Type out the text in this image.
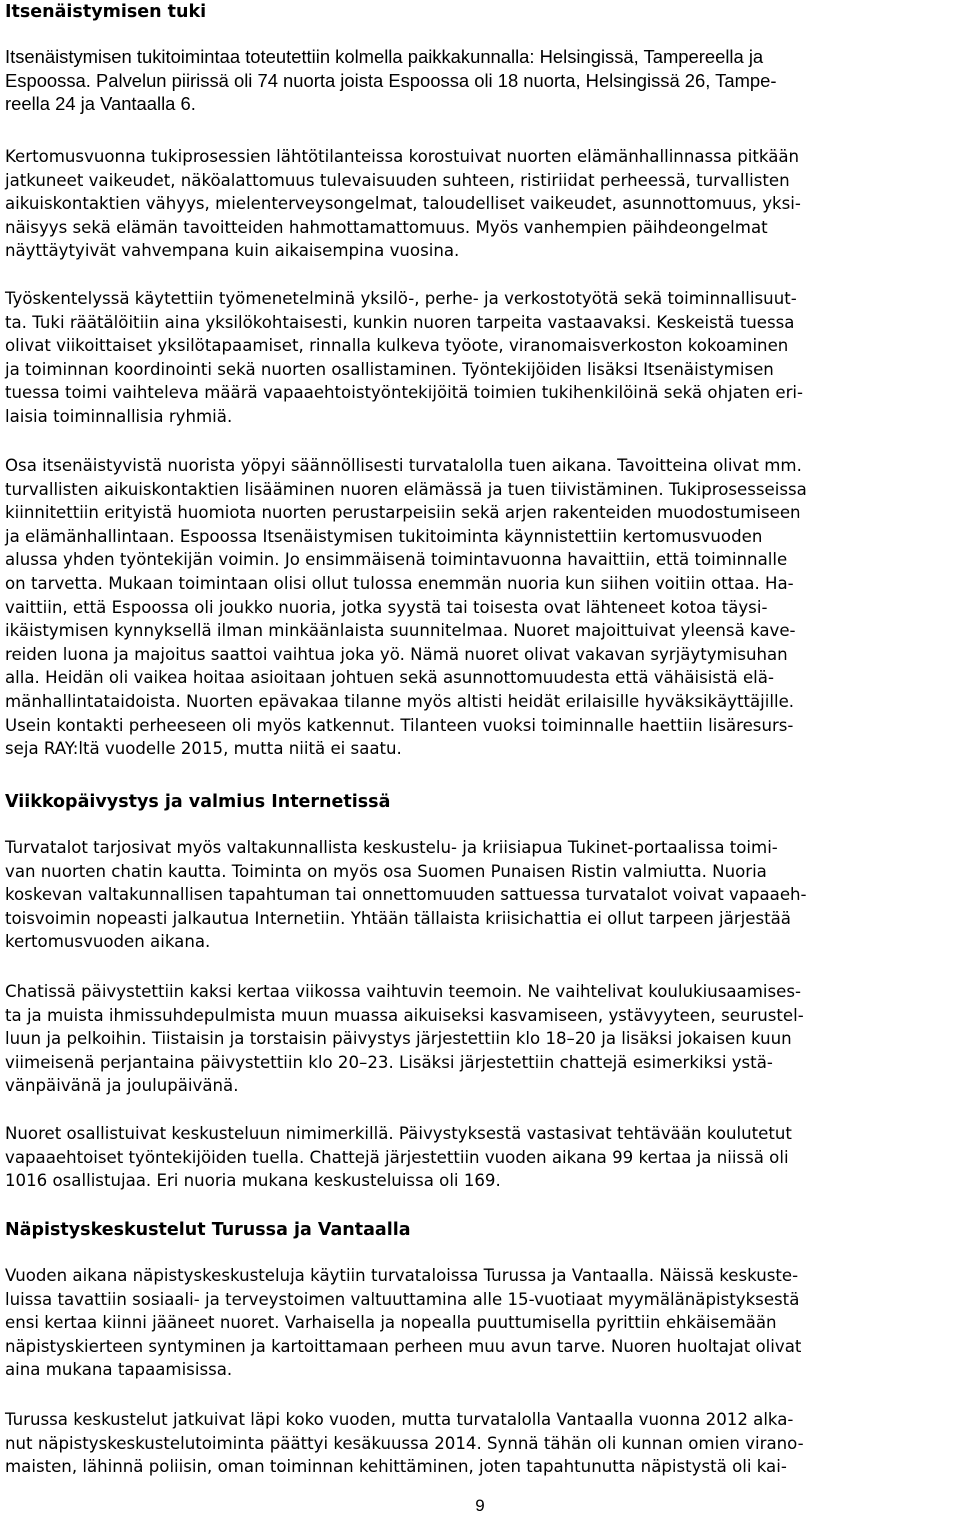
Itsenäistymisen tuki
Itsenäistymisen tukitoimintaa toteutettiin kolmella paikkakunnalla: Helsingissä, Tampereella ja
Espoossa. Palvelun piirissä oli 74 nuorta joista Espoossa oli 18 nuorta, Helsingissä 26, Tampe-
reella 24 ja Vantaalla 6.
Kertomusvuonna tukiprosessien lähtötilanteissa korostuivat nuorten elämänhallinnassa pitkään
jatkuneet vaikeudet, näköalattomuus tulevaisuuden suhteen, ristiriidat perheessä, turvallisten
aikuiskontaktien vähyys, mielenterveysongelmat, taloudelliset vaikeudet, asunnottomuus, yksi-
näisyys sekä elämän tavoitteiden hahmottamattomuus. Myös vanhempien päihdeongelmat
näyttäytyivät vahvempana kuin aikaisempina vuosina.
Työskentelyssä käytettiin työmenetelminä yksilö-, perhe- ja verkostotyötä sekä toiminnallisuut-
ta. Tuki räätälöitiin aina yksilökohtaisesti, kunkin nuoren tarpeita vastaavaksi. Keskeistä tuessa
olivat viikoittaiset yksilötapaamiset, rinnalla kulkeva työote, viranomaisverkoston kokoaminen
ja toiminnan koordinointi sekä nuorten osallistaminen. Työntekijöiden lisäksi Itsenäistymisen
tuessa toimi vaihteleva määrä vapaaehtoistyöntekijöitä toimien tukihenkilöinä sekä ohjaten eri-
laisia toiminnallisia ryhmiä.
Osa itsenäistyvistä nuorista yöpyi säännöllisesti turvatalolla tuen aikana. Tavoitteina olivat mm.
turvallisten aikuiskontaktien lisääminen nuoren elämässä ja tuen tiivistäminen. Tukiprosesseissa
kiinnitettiin erityistä huomiota nuorten perustarpeisiin sekä arjen rakenteiden muodostumiseen
ja elämänhallintaan. Espoossa Itsenäistymisen tukitoiminta käynnistettiin kertomusvuoden
alussa yhden työntekijän voimin. Jo ensimmäisenä toimintavuonna havaittiin, että toiminnalle
on tarvetta. Mukaan toimintaan olisi ollut tulossa enemmän nuoria kun siihen voitiin ottaa. Ha-
vaittiin, että Espoossa oli joukko nuoria, jotka syystä tai toisesta ovat lähteneet kotoa täysi-
ikäistymisen kynnyksellä ilman minkäänlaista suunnitelmaa. Nuoret majoittuivat yleensä kave-
reiden luona ja majoitus saattoi vaihtua joka yö. Nämä nuoret olivat vakavan syrjäytymisuhan
alla. Heidän oli vaikea hoitaa asioitaan johtuen sekä asunnottomuudesta että vähäisistä elä-
mänhallintataidoista. Nuorten epävakaa tilanne myös altisti heidät erilaisille hyväksikäyttäjille.
Usein kontakti perheeseen oli myös katkennut. Tilanteen vuoksi toiminnalle haettiin lisäresurs-
seja RAY:ltä vuodelle 2015, mutta niitä ei saatu.
Viikkopäivystys ja valmius Internetissä
Turvatalot tarjosivat myös valtakunnallista keskustelu- ja kriisiapua Tukinet-portaalissa toimi-
van nuorten chatin kautta. Toiminta on myös osa Suomen Punaisen Ristin valmiutta. Nuoria
koskevan valtakunnallisen tapahtuman tai onnettomuuden sattuessa turvatalot voivat vapaaeh-
toisvoimin nopeasti jalkautua Internetiin. Yhtään tällaista kriisichattia ei ollut tarpeen järjestää
kertomusvuoden aikana.
Chatissä päivystettiin kaksi kertaa viikossa vaihtuvin teemoin. Ne vaihtelivat koulukiusaamises-
ta ja muista ihmissuhdepulmista muun muassa aikuiseksi kasvamiseen, ystävyyteen, seurustel-
luun ja pelkoihin. Tiistaisin ja torstaisin päivystys järjestettiin klo 18–20 ja lisäksi jokaisen kuun
viimeisenä perjantaina päivystettiin klo 20–23. Lisäksi järjestettiin chattejä esimerkiksi ystä-
vänpäivänä ja joulupäivänä.
Nuoret osallistuivat keskusteluun nimimerkillä. Päivystyksestä vastasivat tehtävään koulutetut
vapaaehtoiset työntekijöiden tuella. Chattejä järjestettiin vuoden aikana 99 kertaa ja niissä oli
1016 osallistujaa. Eri nuoria mukana keskusteluissa oli 169.
Näpistyskeskustelut Turussa ja Vantaalla
Vuoden aikana näpistyskeskusteluja käytiin turvataloissa Turussa ja Vantaalla. Näissä keskuste-
luissa tavattiin sosiaali- ja terveystoimen valtuuttamina alle 15-vuotiaat myymälänäpistyksestä
ensi kertaa kiinni jääneet nuoret. Varhaisella ja nopealla puuttumisella pyrittiin ehkäisemään
näpistyskierteen syntyminen ja kartoittamaan perheen muu avun tarve. Nuoren huoltajat olivat
aina mukana tapaamisissa.
Turussa keskustelut jatkuivat läpi koko vuoden, mutta turvatalolla Vantaalla vuonna 2012 alka-
nut näpistyskeskustelutoiminta päättyi kesäkuussa 2014. Synnä tähän oli kunnan omien virano-
maisten, lähinnä poliisin, oman toiminnan kehittäminen, joten tapahtunutta näpistystä oli kai-
9
